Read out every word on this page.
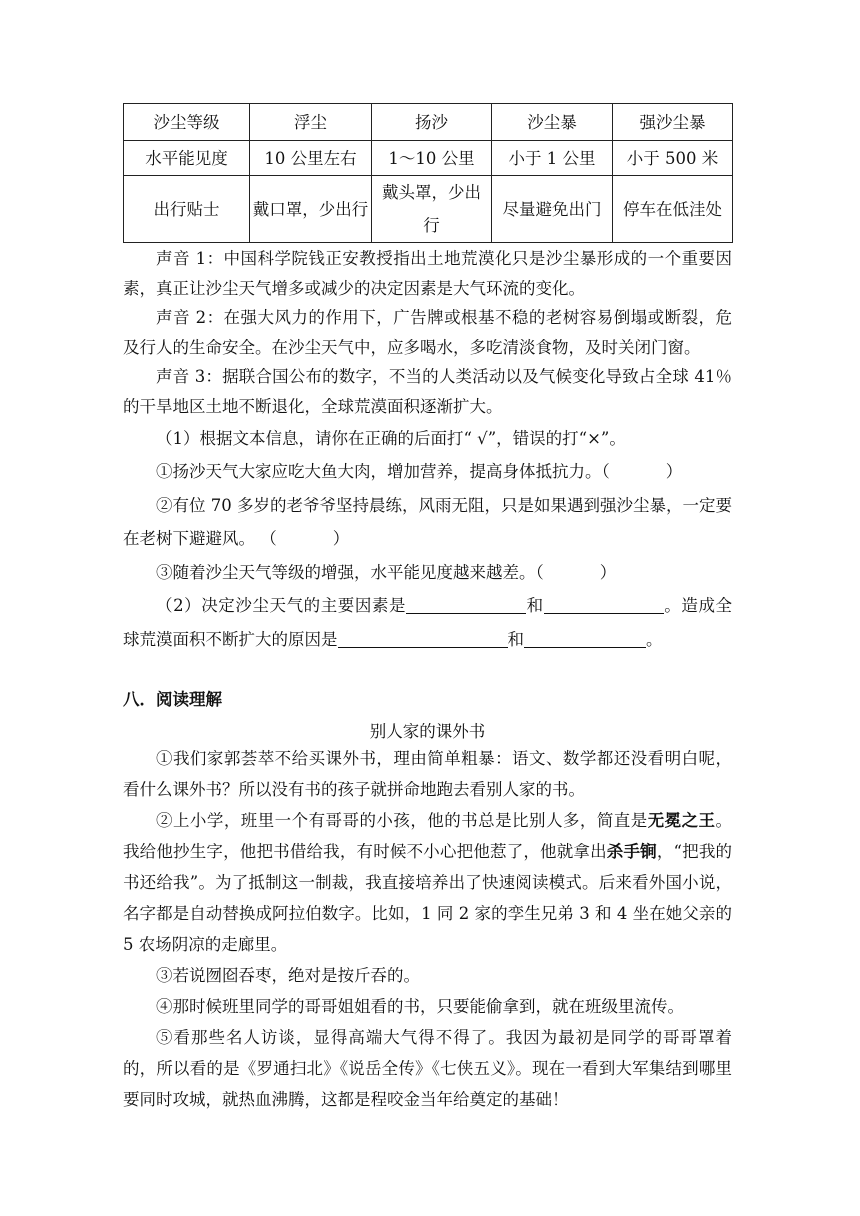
沙尘等级	浮尘	扬沙	沙尘暴	强沙尘暴
水平能见度	10 公里左右	1～10 公里	小于 1 公里	小于 500 米
出行贴士	戴口罩，少出行	戴头罩，少出行	尽量避免出门	停车在低洼处

声音 1：中国科学院钱正安教授指出土地荒漠化只是沙尘暴形成的一个重要因素，真正让沙尘天气增多或减少的决定因素是大气环流的变化。

声音 2：在强大风力的作用下，广告牌或根基不稳的老树容易倒塌或断裂，危及行人的生命安全。在沙尘天气中，应多喝水，多吃清淡食物，及时关闭门窗。

声音 3：据联合国公布的数字，不当的人类活动以及气候变化导致占全球 41％的干旱地区土地不断退化，全球荒漠面积逐渐扩大。

（1）根据文本信息，请你在正确的后面打“ √”，错误的打“×”。

①扬沙天气大家应吃大鱼大肉，增加营养，提高身体抵抗力。（	）

②有位 70 多岁的老爷爷坚持晨练，风雨无阻，只是如果遇到强沙尘暴，一定要在老树下避避风。 （	）

③随着沙尘天气等级的增强，水平能见度越来越差。（	）

（2）决定沙尘天气的主要因素是	和	。造成全球荒漠面积不断扩大的原因是	和	。

八．阅读理解
别人家的课外书

①我们家郭荟萃不给买课外书，理由简单粗暴：语文、数学都还没看明白呢，看什么课外书？所以没有书的孩子就拼命地跑去看别人家的书。

②上小学，班里一个有哥哥的小孩，他的书总是比别人多，简直是无冕之王。我给他抄生字，他把书借给我，有时候不小心把他惹了，他就拿出杀手锏，“把我的书还给我”。为了抵制这一制裁，我直接培养出了快速阅读模式。后来看外国小说，名字都是自动替换成阿拉伯数字。比如，1 同 2 家的孪生兄弟 3 和 4 坐在她父亲的 5 农场阴凉的走廊里。

③若说囫囵吞枣，绝对是按斤吞的。

④那时候班里同学的哥哥姐姐看的书，只要能偷拿到，就在班级里流传。

⑤看那些名人访谈，显得高端大气得不得了。我因为最初是同学的哥哥罩着的，所以看的是《罗通扫北》《说岳全传》《七侠五义》。现在一看到大军集结到哪里要同时攻城，就热血沸腾，这都是程咬金当年给奠定的基础！
